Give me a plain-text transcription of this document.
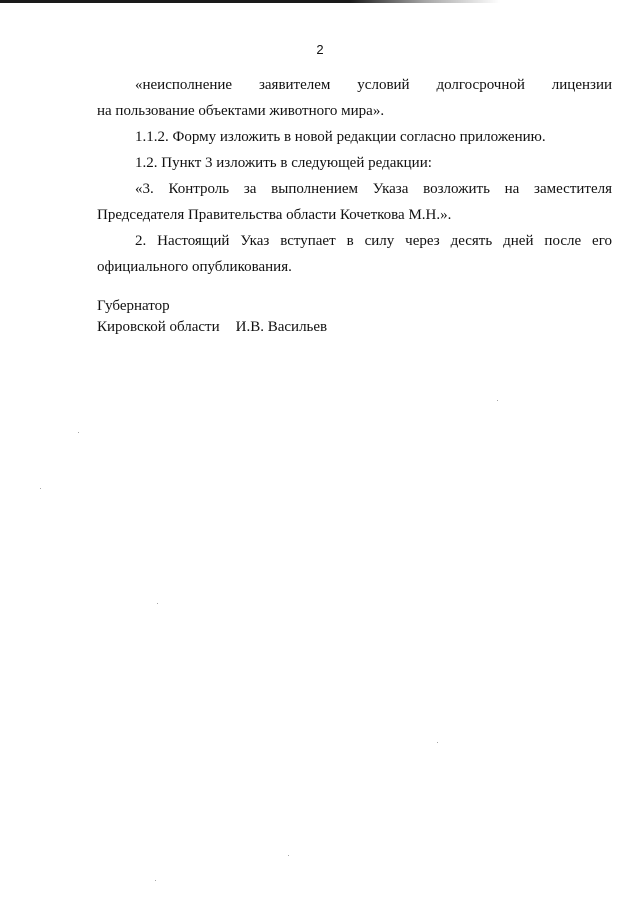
2

«неисполнение заявителем условий долгосрочной лицензии
на пользование объектами животного мира».

1.1.2. Форму изложить в новой редакции согласно приложению.

1.2. Пункт 3 изложить в следующей редакции:

«3. Контроль за выполнением Указа возложить на заместителя
Председателя Правительства области Кочеткова М.Н.».

2. Настоящий Указ вступает в силу через десять дней после его
официального опубликования.

Губернатор
Кировской области И.В. Васильев
